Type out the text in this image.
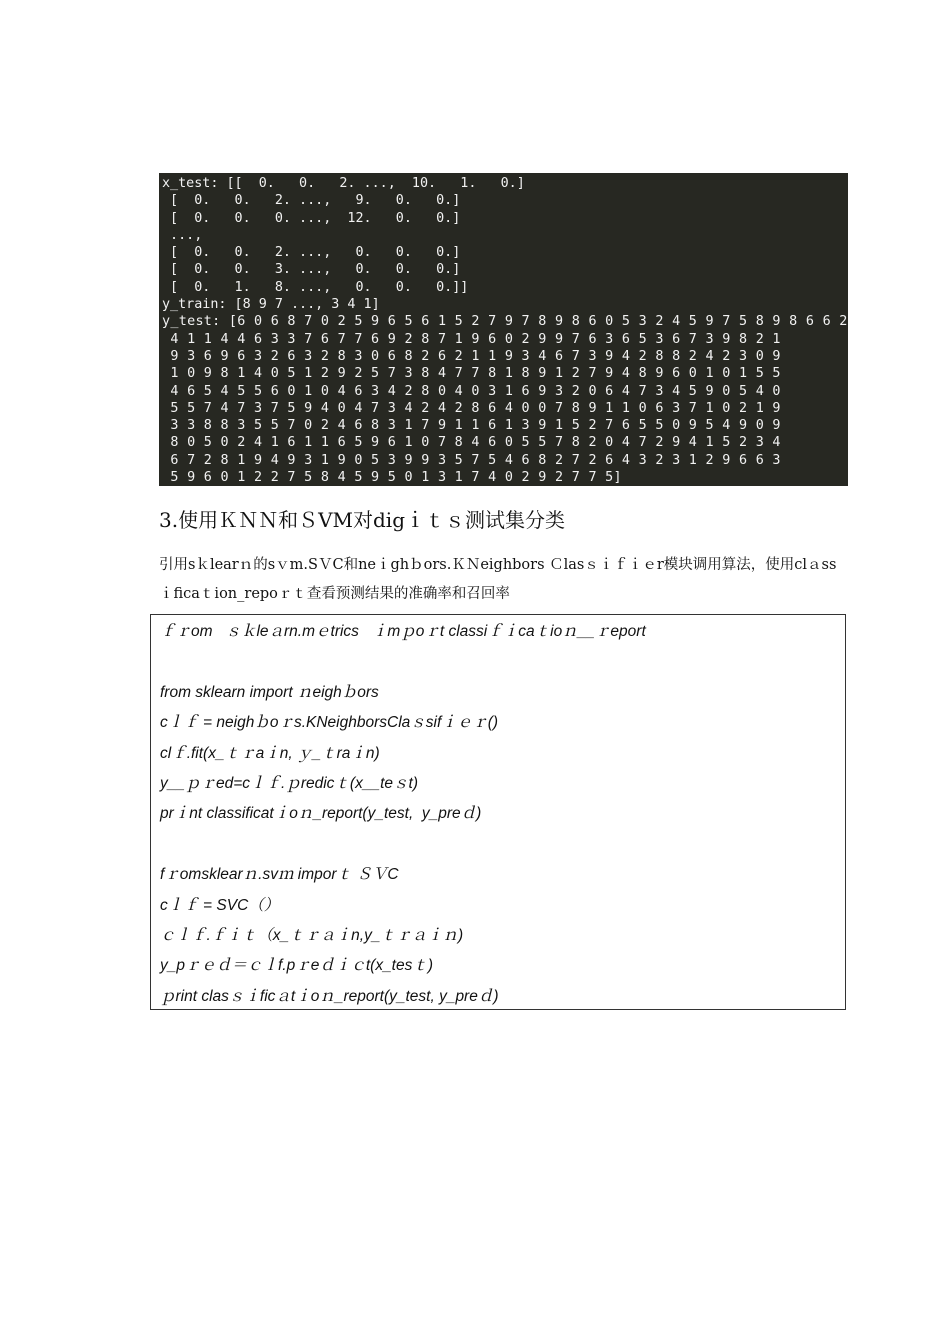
x_test: [[  0.   0.   2. ...,  10.   1.   0.]
[  0.   0.   2. ...,   9.   0.   0.]
[  0.   0.   0. ...,  12.   0.   0.]
...,
[  0.   0.   2. ...,   0.   0.   0.]
[  0.   0.   3. ...,   0.   0.   0.]
[  0.   1.   8. ...,   0.   0.   0.]]
y_train: [8 9 7 ..., 3 4 1]
y_test: [6 0 6 8 7 0 2 5 9 6 5 6 1 5 2 7 9 7 8 9 8 6 0 5 3 2 4 5 9 7 5 8 9 8 6 6 2
4 1 1 4 4 6 3 3 7 6 7 7 6 9 2 8 7 1 9 6 0 2 9 9 7 6 3 6 5 3 6 7 3 9 8 2 1
9 3 6 9 6 3 2 6 3 2 8 3 0 6 8 2 6 2 1 1 9 3 4 6 7 3 9 4 2 8 8 2 4 2 3 0 9
1 0 9 8 1 4 0 5 1 2 9 2 5 7 3 8 4 7 7 8 1 8 9 1 2 7 9 4 8 9 6 0 1 0 1 5 5
4 6 5 4 5 5 6 0 1 0 4 6 3 4 2 8 0 4 0 3 1 6 9 3 2 0 6 4 7 3 4 5 9 0 5 4 0
5 5 7 4 7 3 7 5 9 4 0 4 7 3 4 2 4 2 8 6 4 0 0 7 8 9 1 1 0 6 3 7 1 0 2 1 9
3 3 8 8 3 5 5 7 0 2 4 6 8 3 1 7 9 1 1 6 1 3 9 1 5 2 7 6 5 5 0 9 5 4 9 0 9
8 0 5 0 2 4 1 6 1 1 6 5 9 6 1 0 7 8 4 6 0 5 5 7 8 2 0 4 7 2 9 4 1 5 2 3 4
6 7 2 8 1 9 4 9 3 1 9 0 5 3 9 9 3 5 7 5 4 6 8 2 7 2 6 4 3 2 3 1 2 9 6 6 3
5 9 6 0 1 2 2 7 5 8 4 5 9 5 0 1 3 1 7 4 0 2 9 2 7 7 5]
3.使用ＫＮＮ和ＳVM对digｉｔｓ测试集分类

引用sｋlearｎ的sｖm.SＶC和neｉghｂors.ＫＮeighbors Ｃlasｓｉｆｉｅr模块调用算法，使用clａssｉficaｔion_repoｒｔ查看预测结果的准确率和召回率

ｆｒom   ｓｋleａrn.mｅtrics   ｉmｐoｒt classiｆｉcaｔioｎ__ｒeport
from sklearn import ｎeighｂors
cｌｆ = neighｂoｒs.KNeighborsClaｓsifｉｅｒ()
clｆ.fit(x_ｔｒaｉn, ｙ_ｔraｉn)
y__ｐｒed=cｌｆ.ｐredicｔ(x__teｓt)
prｉnt classificatｉoｎ_report(y_test,  y_preｄ)
fｒomsklearｎ.svｍ imporｔ ＳＶC
cｌｆ = SVC（）
ｃｌｆ.ｆｉｔ（x_ｔｒａｉn,y_ｔｒａｉｎ)
y_pｒｅｄ＝ｃｌf.pｒeｄｉｃt(x_tesｔ)
ｐrint clasｓｉficａtｉoｎ_report(y_test, y_preｄ)
